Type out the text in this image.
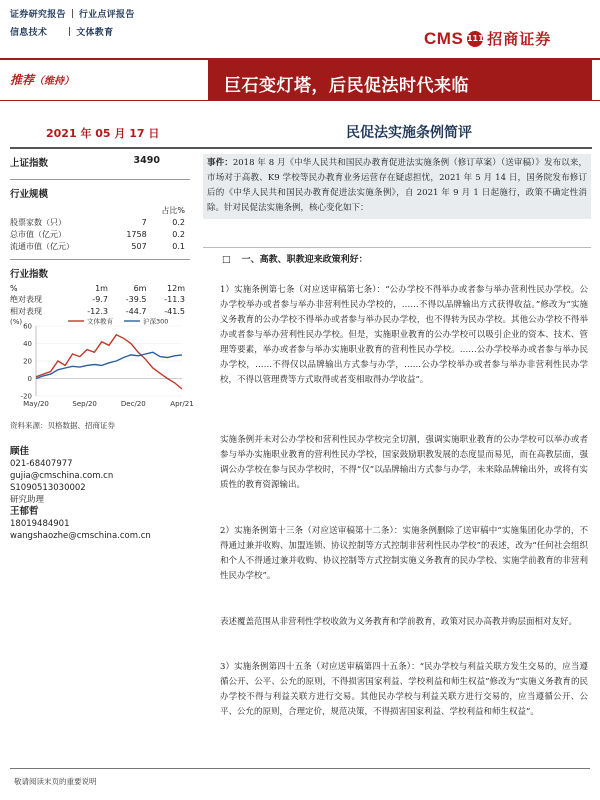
证券研究报告 行业点评报告
信息技术	文体教育	CMS 111 招商证券
推荐（维持）	巨石变灯塔，后民促法时代来临
2021 年 05 月 17 日	民促法实施条例简评
上证指数	3490
行业规模
		占比%
股票家数（只）	7	0.2
总市值（亿元）	1758	0.2
流通市值（亿元）	507	0.1
行业指数
%	1m	6m	12m
绝对表现	-9.7	-39.5	-11.3
相对表现	-12.3	-44.7	-41.5
(%)	文体教育	沪深300
60
40
20
0
-20
May/20	Sep/20	Dec/20	Apr/21
资料来源：贝格数据、招商证券
顾佳
021-68407977
gujia@cmschina.com.cn
S1090513030002
研究助理
王郁哲
18019484901
wangshaozhe@cmschina.com.cn
事件：2018 年 8 月《中华人民共和国民办教育促进法实施条例（修订草案）（送审稿）》发布以来，市场对于高教、K9 学校等民办教育业务运营存在疑虑担忧，2021 年 5 月 14 日，国务院发布修订后的《中华人民共和国民办教育促进法实施条例》，自 2021 年 9 月 1 日起施行，政策不确定性消除。针对民促法实施条例，核心变化如下：
□ 一、高教、职教迎来政策利好：
1）实施条例第七条（对应送审稿第七条）：“公办学校不得举办或者参与举办营利性民办学校。公办学校举办或者参与举办非营利性民办学校的，……不得以品牌输出方式获得收益。”修改为“实施义务教育的公办学校不得举办或者参与举办民办学校，也不得转为民办学校。其他公办学校不得举办或者参与举办营利性民办学校。但是，实施职业教育的公办学校可以吸引企业的资本、技术、管理等要素，举办或者参与举办实施职业教育的营利性民办学校。……公办学校举办或者参与举办民办学校，……不得仅以品牌输出方式参与办学，……公办学校举办或者参与举办非营利性民办学校，不得以管理费等方式取得或者变相取得办学收益”。
实施条例并未对公办学校和营利性民办学校完全切割，强调实施职业教育的公办学校可以举办或者参与举办实施职业教育的营利性民办学校，国家鼓励职教发展的态度显而易见，而在高教层面，强调公办学校在参与民办学校时，不得“仅”以品牌输出方式参与办学，未来除品牌输出外，或将有实质性的教育资源输出。
2）实施条例第十三条（对应送审稿第十二条）：实施条例删除了送审稿中“实施集团化办学的，不得通过兼并收购、加盟连锁、协议控制等方式控制非营利性民办学校”的表述，改为“任何社会组织和个人不得通过兼并收购、协议控制等方式控制实施义务教育的民办学校、实施学前教育的非营利性民办学校”。
表述覆盖范围从非营利性学校收敛为义务教育和学前教育，政策对民办高教并购层面相对友好。
3）实施条例第四十五条（对应送审稿第四十五条）：“民办学校与利益关联方发生交易的，应当遵循公开、公平、公允的原则，不得损害国家利益、学校利益和师生权益”修改为“实施义务教育的民办学校不得与利益关联方进行交易。其他民办学校与利益关联方进行交易的，应当遵循公开、公平、公允的原则，合理定价，规范决策，不得损害国家利益、学校利益和师生权益”。
敬请阅读末页的重要说明
